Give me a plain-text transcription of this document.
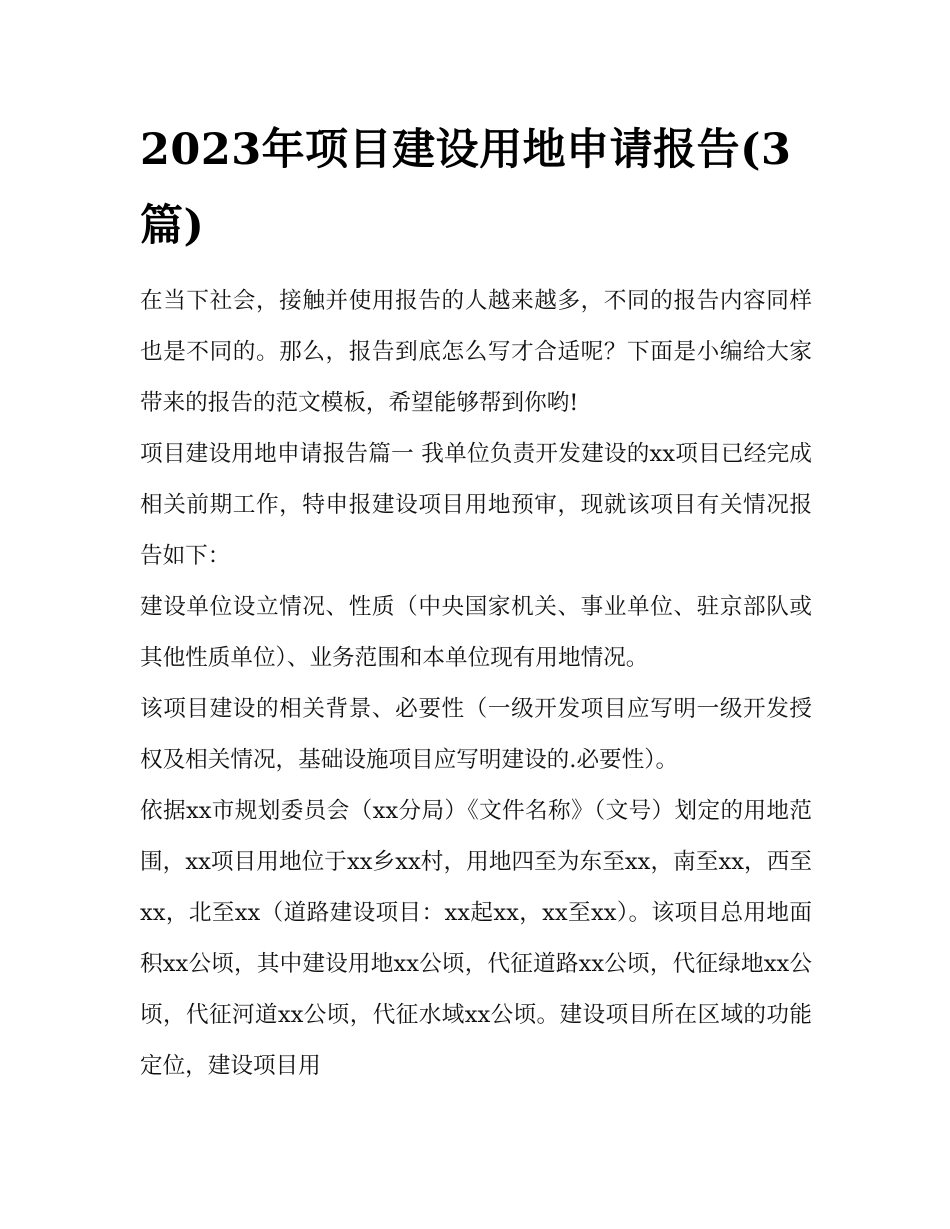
2023年项目建设用地申请报告(3篇)

在当下社会，接触并使用报告的人越来越多，不同的报告内容同样也是不同的。那么，报告到底怎么写才合适呢？下面是小编给大家带来的报告的范文模板，希望能够帮到你哟!

项目建设用地申请报告篇一 我单位负责开发建设的xx项目已经完成相关前期工作，特申报建设项目用地预审，现就该项目有关情况报告如下：

建设单位设立情况、性质（中央国家机关、事业单位、驻京部队或其他性质单位）、业务范围和本单位现有用地情况。

该项目建设的相关背景、必要性（一级开发项目应写明一级开发授权及相关情况，基础设施项目应写明建设的.必要性）。

依据xx市规划委员会（xx分局）《文件名称》（文号）划定的用地范围，xx项目用地位于xx乡xx村，用地四至为东至xx，南至xx，西至xx，北至xx（道路建设项目：xx起xx，xx至xx）。该项目总用地面积xx公顷，其中建设用地xx公顷，代征道路xx公顷，代征绿地xx公顷，代征河道xx公顷，代征水域xx公顷。建设项目所在区域的功能定位，建设项目用
